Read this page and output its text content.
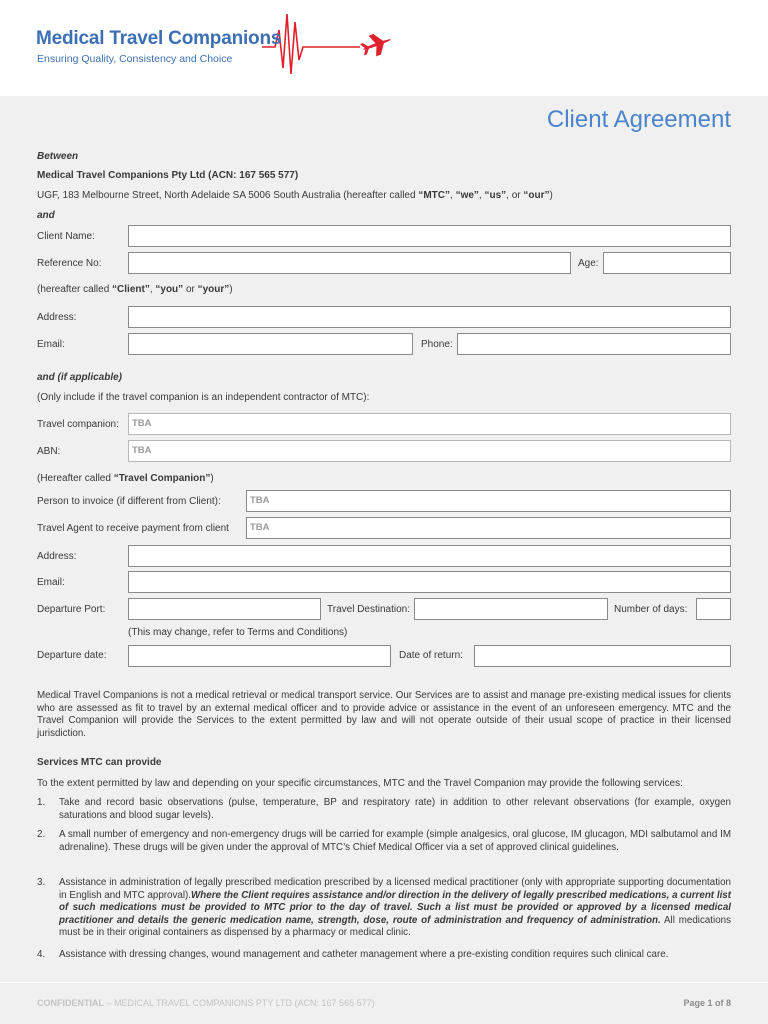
Medical Travel Companions
Ensuring Quality, Consistency and Choice
Client Agreement
Between
Medical Travel Companions Pty Ltd (ACN: 167 565 577)
UGF, 183 Melbourne Street, North Adelaide SA 5006 South Australia (hereafter called “MTC”, “we”, “us”, or “our”)
and
Client Name:
Reference No:	Age:
(hereafter called “Client”, “you” or “your”)
Address:
Email:	Phone:
and (if applicable)
(Only include if the travel companion is an independent contractor of MTC):
Travel companion: TBA
ABN:	TBA
(Hereafter called “Travel Companion”)
Person to invoice (if different from Client):	TBA
Travel Agent to receive payment from client TBA
Address:
Email:
Departure Port:	Travel Destination:	Number of days:
(This may change, refer to Terms and Conditions)
Departure date:	Date of return:
Medical Travel Companions is not a medical retrieval or medical transport service. Our Services are to assist and manage pre-existing medical issues for clients who are assessed as fit to travel by an external medical officer and to provide advice or assistance in the event of an unforeseen emergency. MTC and the Travel Companion will provide the Services to the extent permitted by law and will not operate outside of their usual scope of practice in their licensed jurisdiction.
Services MTC can provide
To the extent permitted by law and depending on your specific circumstances, MTC and the Travel Companion may provide the following services:
1. Take and record basic observations (pulse, temperature, BP and respiratory rate) in addition to other relevant observations (for example, oxygen saturations and blood sugar levels).
2. A small number of emergency and non-emergency drugs will be carried for example (simple analgesics, oral glucose, IM glucagon, MDI salbutamol and IM adrenaline). These drugs will be given under the approval of MTC’s Chief Medical Officer via a set of approved clinical guidelines.
3. Assistance in administration of legally prescribed medication prescribed by a licensed medical practitioner (only with appropriate supporting documentation in English and MTC approval).Where the Client requires assistance and/or direction in the delivery of legally prescribed medications, a current list of such medications must be provided to MTC prior to the day of travel. Such a list must be provided or approved by a licensed medical practitioner and details the generic medication name, strength, dose, route of administration and frequency of administration. All medications must be in their original containers as dispensed by a pharmacy or medical clinic.
4. Assistance with dressing changes, wound management and catheter management where a pre-existing condition requires such clinical care.
CONFIDENTIAL – MEDICAL TRAVEL COMPANIONS PTY LTD (ACN: 167 565 577)	Page 1 of 8
